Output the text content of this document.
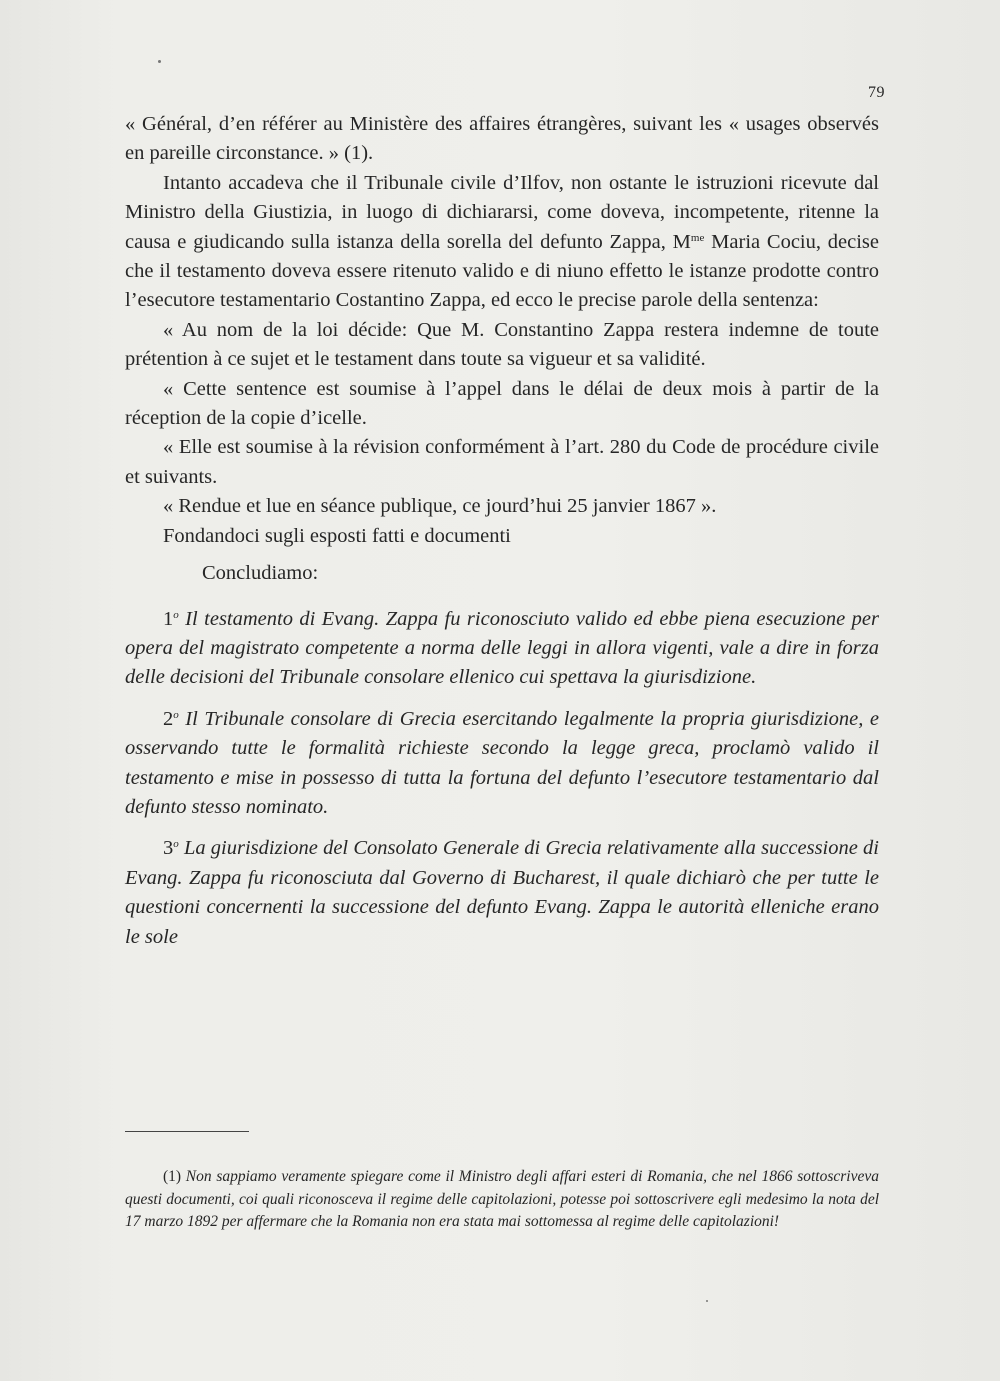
79

« Général, d’en référer au Ministère des affaires étrangères, suivant les « usages observés en pareille circonstance. » (1).

Intanto accadeva che il Tribunale civile d’Ilfov, non ostante le istruzioni ricevute dal Ministro della Giustizia, in luogo di dichiararsi, come doveva, incompetente, ritenne la causa e giudicando sulla istanza della sorella del defunto Zappa, $M^{me}$ Maria Cociu, decise che il testamento doveva essere ritenuto valido e di niuno effetto le istanze prodotte contro l’esecutore testamentario Costantino Zappa, ed ecco le precise parole della sentenza:

« Au nom de la loi décide: Que M. Constantino Zappa restera indemne de toute prétention à ce sujet et le testament dans toute sa vigueur et sa validité.

« Cette sentence est soumise à l’appel dans le délai de deux mois à partir de la réception de la copie d’icelle.

« Elle est soumise à la révision conformément à l’art. 280 du Code de procédure civile et suivants.

« Rendue et lue en séance publique, ce jourd’hui 25 janvier 1867 ».

Fondandoci sugli esposti fatti e documenti

Concludiamo:

1$^o$ Il testamento di Evang. Zappa fu riconosciuto valido ed ebbe piena esecuzione per opera del magistrato competente a norma delle leggi in allora vigenti, vale a dire in forza delle decisioni del Tribunale consolare ellenico cui spettava la giurisdizione.

2$^o$ Il Tribunale consolare di Grecia esercitando legalmente la propria giurisdizione, e osservando tutte le formalità richieste secondo la legge greca, proclamò valido il testamento e mise in possesso di tutta la fortuna del defunto l’esecutore testamentario dal defunto stesso nominato.

3$^o$ La giurisdizione del Consolato Generale di Grecia relativamente alla successione di Evang. Zappa fu riconosciuta dal Governo di Bucharest, il quale dichiarò che per tutte le questioni concernenti la successione del defunto Evang. Zappa le autorità elleniche erano le sole

(1) Non sappiamo veramente spiegare come il Ministro degli affari esteri di Romania, che nel 1866 sottoscriveva questi documenti, coi quali riconosceva il regime delle capitolazioni, potesse poi sottoscrivere egli medesimo la nota del 17 marzo 1892 per affermare che la Romania non era stata mai sottomessa al regime delle capitolazioni!
